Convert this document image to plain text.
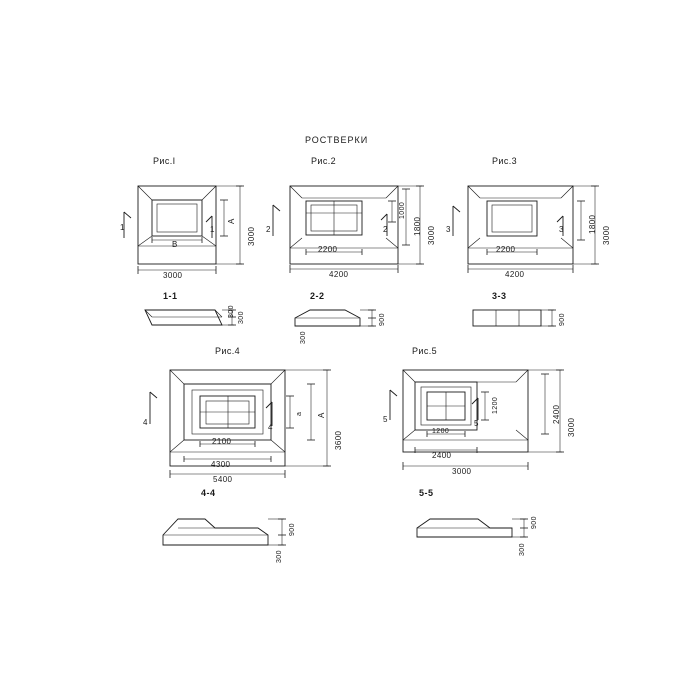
РОСТВЕРКИ
Рис.I	Рис.2	Рис.3
Рис.4	Рис.5
1-1	2-2	3-3
4-4	5-5
3000
3000
А
В
1	1
300
300
2200
4200
3000
1800
1000
2	2
900
300
2200
4200
3000
1800
3	3
900
2100
4300
5400
3600
А
а
4
4
900
300
1200
2400
3000
3000
2400
1200
5	5
900
300
